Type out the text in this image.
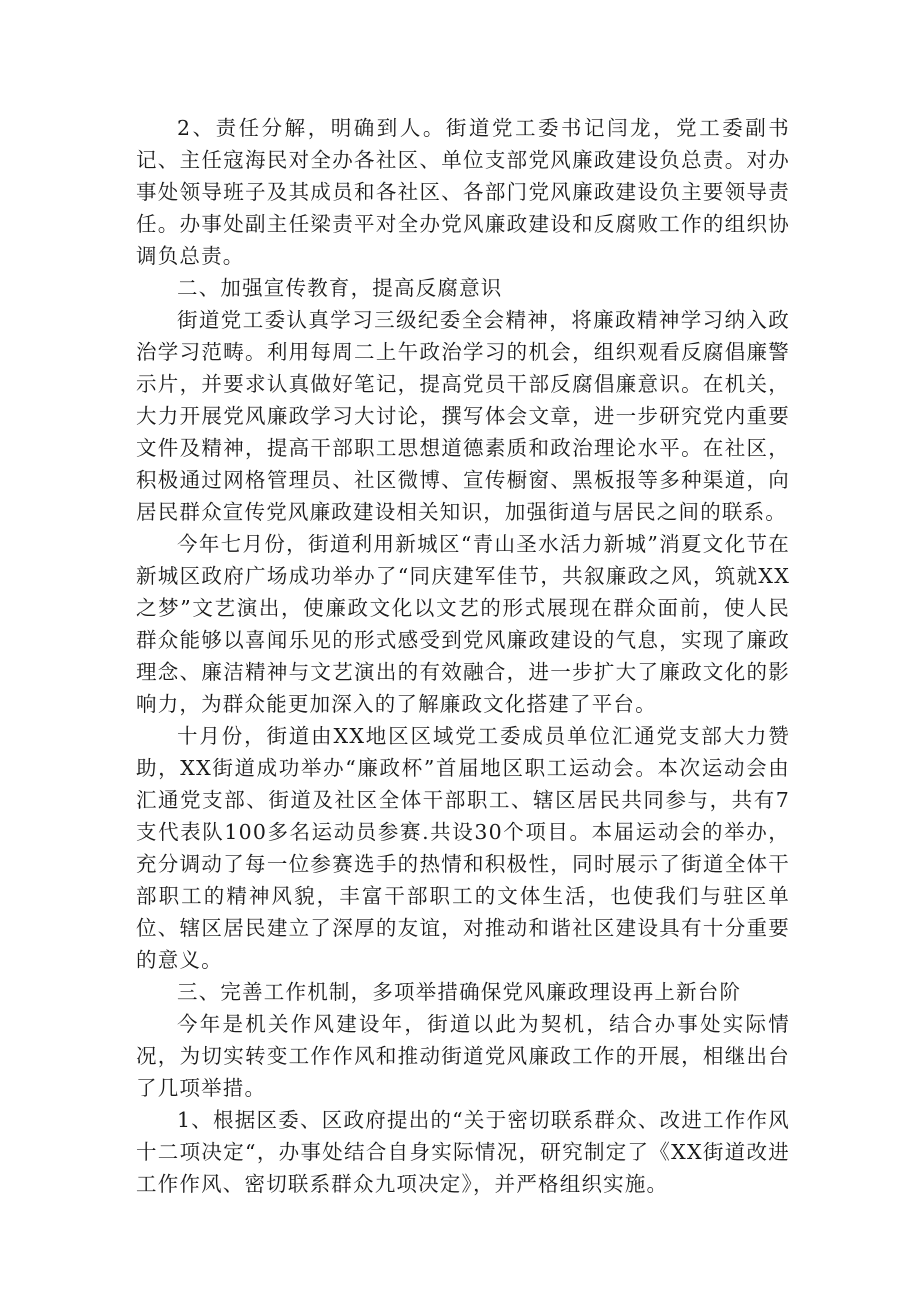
2、责任分解，明确到人。街道党工委书记闫龙，党工委副书记、主任寇海民对全办各社区、单位支部党风廉政建设负总责。对办事处领导班子及其成员和各社区、各部门党风廉政建设负主要领导责任。办事处副主任梁责平对全办党风廉政建设和反腐败工作的组织协调负总责。

二、加强宣传教育，提高反腐意识

街道党工委认真学习三级纪委全会精神，将廉政精神学习纳入政治学习范畴。利用每周二上午政治学习的机会，组织观看反腐倡廉警示片，并要求认真做好笔记，提高党员干部反腐倡廉意识。在机关，大力开展党风廉政学习大讨论，撰写体会文章，进一步研究党内重要文件及精神，提高干部职工思想道德素质和政治理论水平。在社区，积极通过网格管理员、社区微博、宣传橱窗、黑板报等多种渠道，向居民群众宣传党风廉政建设相关知识，加强街道与居民之间的联系。

今年七月份，街道利用新城区“青山圣水活力新城”消夏文化节在新城区政府广场成功举办了“同庆建军佳节，共叙廉政之风，筑就XX之梦”文艺演出，使廉政文化以文艺的形式展现在群众面前，使人民群众能够以喜闻乐见的形式感受到党风廉政建设的气息，实现了廉政理念、廉洁精神与文艺演出的有效融合，进一步扩大了廉政文化的影响力，为群众能更加深入的了解廉政文化搭建了平台。

十月份，街道由XX地区区域党工委成员单位汇通党支部大力赞助，XX街道成功举办“廉政杯”首届地区职工运动会。本次运动会由汇通党支部、街道及社区全体干部职工、辖区居民共同参与，共有7支代表队100多名运动员参赛.共设30个项目。本届运动会的举办，充分调动了每一位参赛选手的热情和积极性，同时展示了街道全体干部职工的精神风貌，丰富干部职工的文体生活，也使我们与驻区单位、辖区居民建立了深厚的友谊，对推动和谐社区建设具有十分重要的意义。

三、完善工作机制，多项举措确保党风廉政理设再上新台阶

今年是机关作风建设年，街道以此为契机，结合办事处实际情况，为切实转变工作作风和推动街道党风廉政工作的开展，相继出台了几项举措。

1、根据区委、区政府提出的“关于密切联系群众、改进工作作风十二项决定“，办事处结合自身实际情况，研究制定了《XX街道改进工作作风、密切联系群众九项决定》，并严格组织实施。
